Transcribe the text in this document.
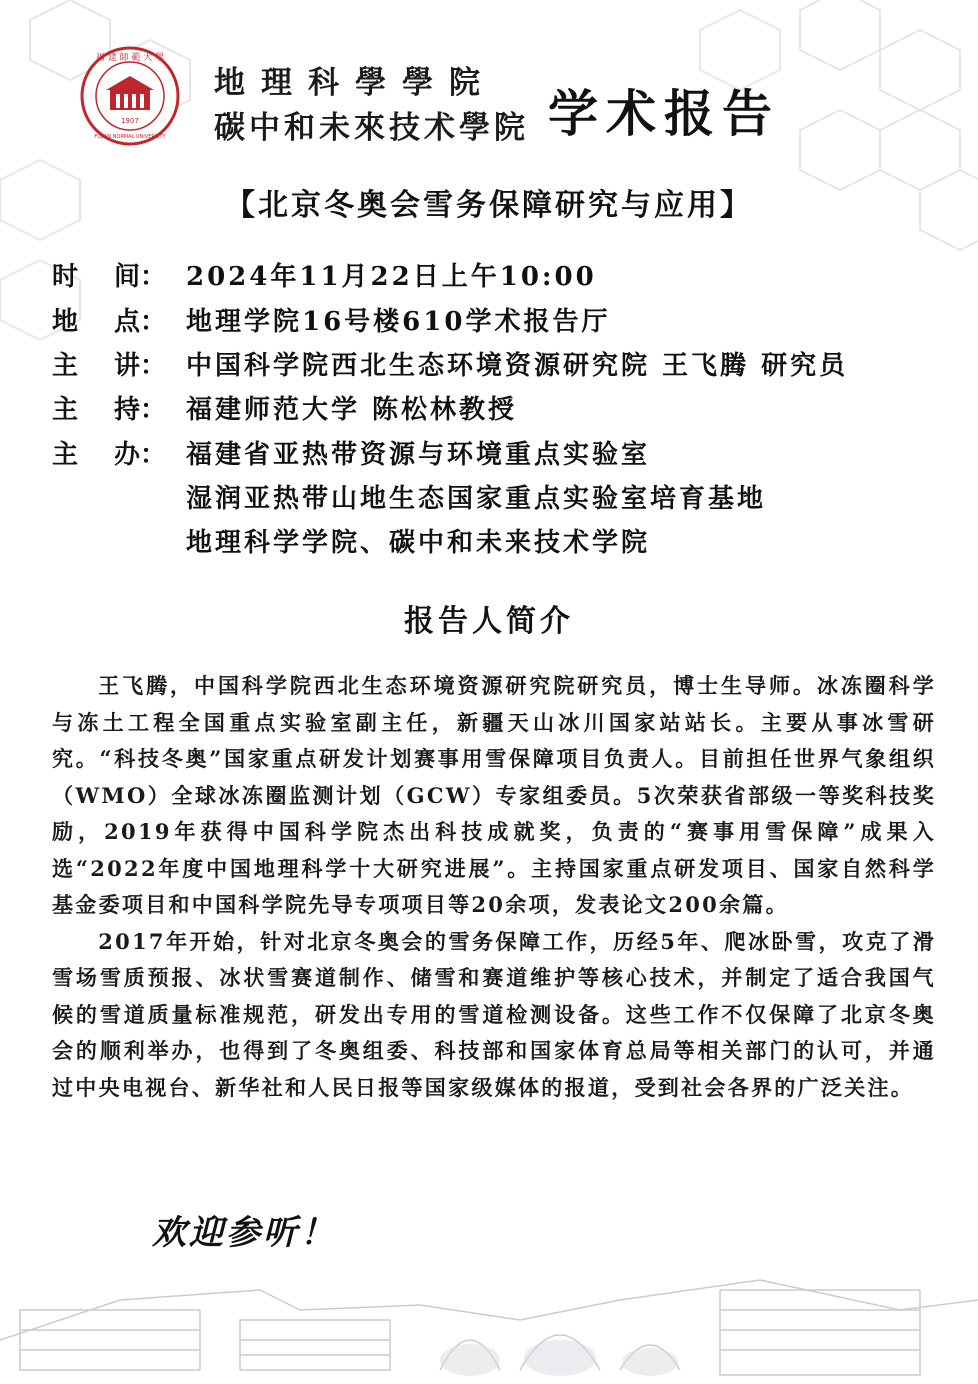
1907
福 建 師 範 大 學
FUJIAN NORMAL UNIVERSITY
地理科學學院
碳中和未來技术學院 学术报告
【北京冬奥会雪务保障研究与应用】
时 间： 2024年11月22日上午10:00
地 点： 地理学院16号楼610学术报告厅
主 讲： 中国科学院西北生态环境资源研究院 王飞腾 研究员
主 持： 福建师范大学 陈松林教授
主 办： 福建省亚热带资源与环境重点实验室
湿润亚热带山地生态国家重点实验室培育基地
地理科学学院、碳中和未来技术学院
报告人简介

王飞腾，中国科学院西北生态环境资源研究院研究员，博士生导师。冰冻圈科学与冻土工程全国重点实验室副主任，新疆天山冰川国家站站长。主要从事冰雪研究。“科技冬奥”国家重点研发计划赛事用雪保障项目负责人。目前担任世界气象组织（WMO）全球冰冻圈监测计划（GCW）专家组委员。5次荣获省部级一等奖科技奖励，2019年获得中国科学院杰出科技成就奖，负责的“赛事用雪保障”成果入选“2022年度中国地理科学十大研究进展”。主持国家重点研发项目、国家自然科学基金委项目和中国科学院先导专项项目等20余项，发表论文200余篇。

2017年开始，针对北京冬奥会的雪务保障工作，历经5年、爬冰卧雪，攻克了滑雪场雪质预报、冰状雪赛道制作、储雪和赛道维护等核心技术，并制定了适合我国气候的雪道质量标准规范，研发出专用的雪道检测设备。这些工作不仅保障了北京冬奥会的顺利举办，也得到了冬奥组委、科技部和国家体育总局等相关部门的认可，并通过中央电视台、新华社和人民日报等国家级媒体的报道，受到社会各界的广泛关注。

欢迎参听！
